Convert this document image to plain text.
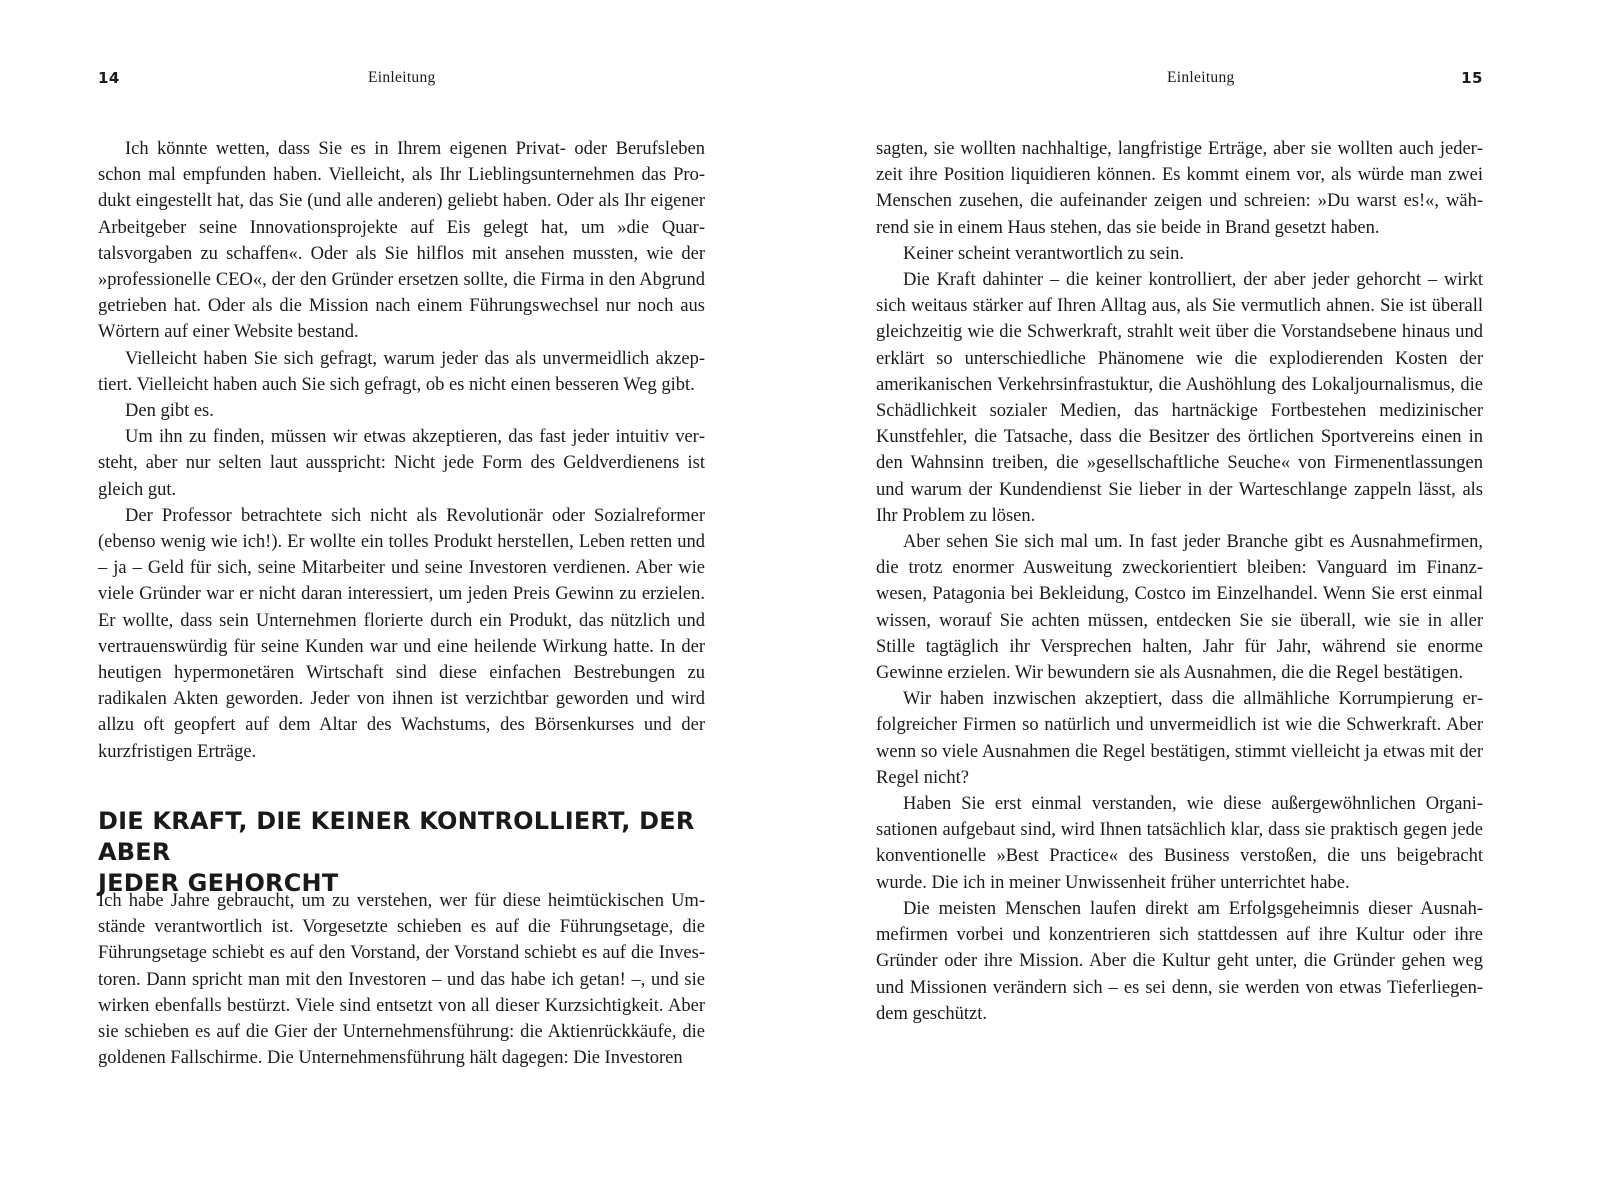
14	Einleitung

Ich könnte wetten, dass Sie es in Ihrem eigenen Privat- oder Berufsleben schon mal empfunden haben. Vielleicht, als Ihr Lieblingsunternehmen das Produkt eingestellt hat, das Sie (und alle anderen) geliebt haben. Oder als Ihr eigener Arbeitgeber seine Innovationsprojekte auf Eis gelegt hat, um »die Quartalsvorgaben zu schaffen«. Oder als Sie hilflos mit ansehen mussten, wie der »professionelle CEO«, der den Gründer ersetzen sollte, die Firma in den Abgrund getrieben hat. Oder als die Mission nach einem Führungswechsel nur noch aus Wörtern auf einer Website bestand.

Vielleicht haben Sie sich gefragt, warum jeder das als unvermeidlich akzeptiert. Vielleicht haben auch Sie sich gefragt, ob es nicht einen besseren Weg gibt.

Den gibt es.

Um ihn zu finden, müssen wir etwas akzeptieren, das fast jeder intuitiv versteht, aber nur selten laut ausspricht: Nicht jede Form des Geldverdienens ist gleich gut.

Der Professor betrachtete sich nicht als Revolutionär oder Sozialreformer (ebenso wenig wie ich!). Er wollte ein tolles Produkt herstellen, Leben retten und – ja – Geld für sich, seine Mitarbeiter und seine Investoren verdienen. Aber wie viele Gründer war er nicht daran interessiert, um jeden Preis Gewinn zu erzielen. Er wollte, dass sein Unternehmen florierte durch ein Produkt, das nützlich und vertrauenswürdig für seine Kunden war und eine heilende Wirkung hatte. In der heutigen hypermonetären Wirtschaft sind diese einfachen Bestrebungen zu radikalen Akten geworden. Jeder von ihnen ist verzichtbar geworden und wird allzu oft geopfert auf dem Altar des Wachstums, des Börsenkurses und der kurzfristigen Erträge.

DIE KRAFT, DIE KEINER KONTROLLIERT, DER ABER
JEDER GEHORCHT

Ich habe Jahre gebraucht, um zu verstehen, wer für diese heimtückischen Umstände verantwortlich ist. Vorgesetzte schieben es auf die Führungsetage, die Führungsetage schiebt es auf den Vorstand, der Vorstand schiebt es auf die Investoren. Dann spricht man mit den Investoren – und das habe ich getan! –, und sie wirken ebenfalls bestürzt. Viele sind entsetzt von all dieser Kurzsichtigkeit. Aber sie schieben es auf die Gier der Unternehmensführung: die Aktienrückkäufe, die goldenen Fallschirme. Die Unternehmensführung hält dagegen: Die Investoren

Einleitung	15

sagten, sie wollten nachhaltige, langfristige Erträge, aber sie wollten auch jederzeit ihre Position liquidieren können. Es kommt einem vor, als würde man zwei Menschen zusehen, die aufeinander zeigen und schreien: »Du warst es!«, während sie in einem Haus stehen, das sie beide in Brand gesetzt haben.

Keiner scheint verantwortlich zu sein.

Die Kraft dahinter – die keiner kontrolliert, der aber jeder gehorcht – wirkt sich weitaus stärker auf Ihren Alltag aus, als Sie vermutlich ahnen. Sie ist überall gleichzeitig wie die Schwerkraft, strahlt weit über die Vorstandsebene hinaus und erklärt so unterschiedliche Phänomene wie die explodierenden Kosten der amerikanischen Verkehrsinfrastuktur, die Aushöhlung des Lokaljournalismus, die Schädlichkeit sozialer Medien, das hartnäckige Fortbestehen medizinischer Kunstfehler, die Tatsache, dass die Besitzer des örtlichen Sportvereins einen in den Wahnsinn treiben, die »gesellschaftliche Seuche« von Firmenentlassungen und warum der Kundendienst Sie lieber in der Warteschlange zappeln lässt, als Ihr Problem zu lösen.

Aber sehen Sie sich mal um. In fast jeder Branche gibt es Ausnahmefirmen, die trotz enormer Ausweitung zweckorientiert bleiben: Vanguard im Finanzwesen, Patagonia bei Bekleidung, Costco im Einzelhandel. Wenn Sie erst einmal wissen, worauf Sie achten müssen, entdecken Sie sie überall, wie sie in aller Stille tagtäglich ihr Versprechen halten, Jahr für Jahr, während sie enorme Gewinne erzielen. Wir bewundern sie als Ausnahmen, die die Regel bestätigen.

Wir haben inzwischen akzeptiert, dass die allmähliche Korrumpierung erfolgreicher Firmen so natürlich und unvermeidlich ist wie die Schwerkraft. Aber wenn so viele Ausnahmen die Regel bestätigen, stimmt vielleicht ja etwas mit der Regel nicht?

Haben Sie erst einmal verstanden, wie diese außergewöhnlichen Organisationen aufgebaut sind, wird Ihnen tatsächlich klar, dass sie praktisch gegen jede konventionelle »Best Practice« des Business verstoßen, die uns beigebracht wurde. Die ich in meiner Unwissenheit früher unterrichtet habe.

Die meisten Menschen laufen direkt am Erfolgsgeheimnis dieser Ausnahmefirmen vorbei und konzentrieren sich stattdessen auf ihre Kultur oder ihre Gründer oder ihre Mission. Aber die Kultur geht unter, die Gründer gehen weg und Missionen verändern sich – es sei denn, sie werden von etwas Tieferliegendem geschützt.
